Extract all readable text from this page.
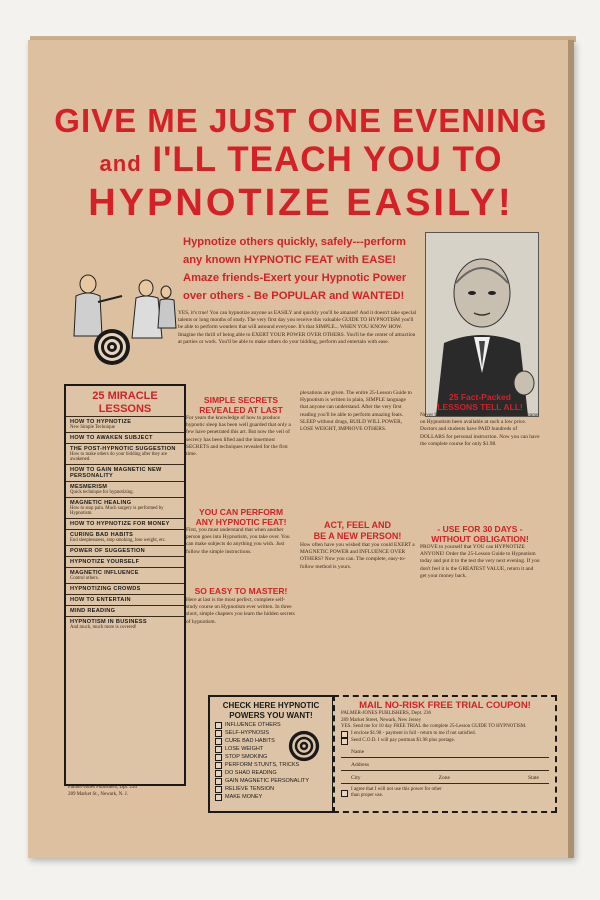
GIVE ME JUST ONE EVENING
and I'LL TEACH YOU TO
HYPNOTIZE EASILY!

Hypnotize others quickly, safely---perform

any known HYPNOTIC FEAT with EASE!

Amaze friends-Exert your Hypnotic Power

over others - Be POPULAR and WANTED!

YES, it's true! You can hypnotize anyone as EASILY and quickly you'll be amazed! And it doesn't take special talents or long months of study. The very first day you receive this valuable GUIDE TO HYPNOTISM you'll be able to perform wonders that will astound everyone. It's that SIMPLE... WHEN YOU KNOW HOW. Imagine the thrill of being able to EXERT YOUR POWER OVER OTHERS. You'll be the center of attraction at parties or work. You'll be able to make others do your bidding, perform and entertain with ease.

25 MIRACLE
LESSONS
HOW TO HYPNOTIZE
New Simple Technique
HOW TO AWAKEN SUBJECT
THE POST-HYPNOTIC SUGGESTION
How to make others do your bidding after they are awakened.
HOW TO GAIN MAGNETIC NEW PERSONALITY
MESMERISM
Quick technique for hypnotizing.
MAGNETIC HEALING
How to stop pain. Much surgery is performed by Hypnotism.
HOW TO HYPNOTIZE FOR MONEY
CURING BAD HABITS
End sleeplessness, stop smoking, lose weight, etc.
POWER OF SUGGESTION
HYPNOTIZE YOURSELF
MAGNETIC INFLUENCE
Control others.
HYPNOTIZING CROWDS
HOW TO ENTERTAIN
MIND READING
HYPNOTISM IN BUSINESS
And much, much more is covered!
Palmer-Jones Publishers, Dpt. 236
289 Market St., Newark, N. J.
SIMPLE SECRETS
REVEALED AT LAST

For years the knowledge of how to produce hypnotic sleep has been well guarded that only a few have penetrated this art. But now the veil of secrecy has been lifted and the innermost SECRETS and techniques revealed for the first time.

YOU CAN PERFORM
ANY HYPNOTIC FEAT!

First, you must understand that when another person goes into Hypnotism, you take over. You can make subjects do anything you wish. Just follow the simple instructions.

SO EASY TO MASTER!

Here at last is the most perfect, complete self-study course on Hypnotism ever written. In three short, simple chapters you learn the hidden secrets of hypnotism.

plexations are given. The entire 25-Lesson Guide to Hypnotism is written in plain, SIMPLE language that anyone can understand. After the very first reading you'll be able to perform amazing feats. SLEEP without drugs, BUILD WILL POWER, LOSE WEIGHT, IMPROVE OTHERS.

ACT, FEEL AND
BE A NEW PERSON!

How often have you wished that you could EXERT a MAGNETIC POWER and INFLUENCE OVER OTHERS? Now you can. The complete, easy-to-follow method is yours.

25 Fact-Packed
LESSONS TELL ALL!

Never before has such a complete and authentic course on Hypnotism been available at such a low price. Doctors and students have PAID hundreds of DOLLARS for personal instruction. Now you can have the complete course for only $1.98.

- USE FOR 30 DAYS -
WITHOUT OBLIGATION!

PROVE to yourself that YOU can HYPNOTIZE ANYONE! Order the 25-Lesson Guide to Hypnotism today and put it to the test the very next evening. If you don't feel it is the GREATEST VALUE, return it and get your money back.

CHECK HERE HYPNOTIC
POWERS YOU WANT!
INFLUENCE OTHERS
SELF-HYPNOSIS
CURE BAD HABITS
LOSE WEIGHT
STOP SMOKING
PERFORM STUNTS, TRICKS
DO SHAD READING
GAIN MAGNETIC PERSONALITY
RELIEVE TENSION
MAKE MONEY
MAIL NO-RISK FREE TRIAL COUPON!
PALMER-JONES PUBLISHERS, Dept. 236
289 Market Street, Newark, New Jersey
YES. Send me for 10 day FREE TRIAL the complete 25-Lesson GUIDE TO HYPNOTISM.
I enclose $1.98 - payment in full - return to me if not satisfied.
Send C.O.D. I will pay postman $1.98 plus postage.
Name
Address
City	Zone	State
I agree that I will not use this power for other
than proper use.
